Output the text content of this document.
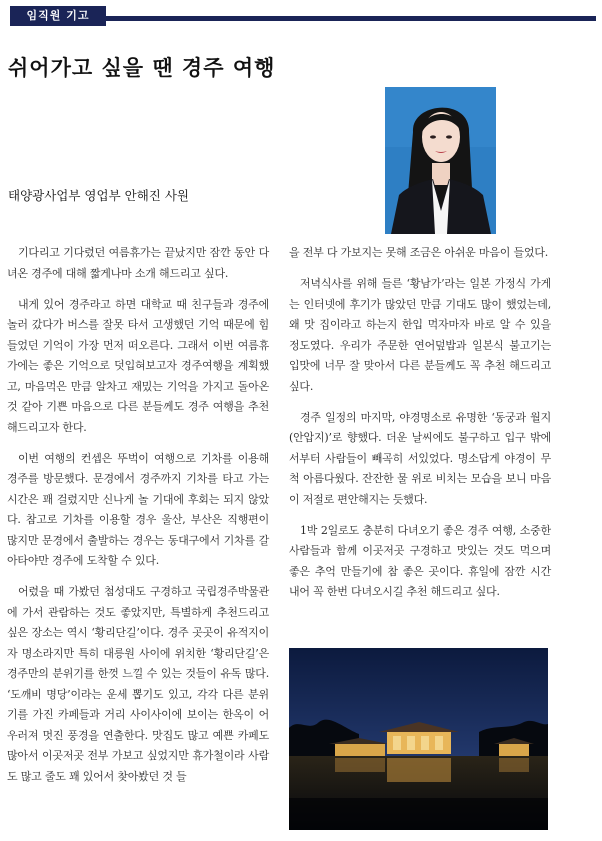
임직원 기고
쉬어가고 싶을 땐 경주 여행

태양광사업부 영업부 안해진 사원

기다리고 기다렸던 여름휴가는 끝났지만 잠깐 동안 다녀온 경주에 대해 짧게나마 소개 해드리고 싶다.

내게 있어 경주라고 하면 대학교 때 친구들과 경주에 놀러 갔다가 버스를 잘못 타서 고생했던 기억 때문에 힘들었던 기억이 가장 먼저 떠오른다. 그래서 이번 여름휴가에는 좋은 기억으로 덧입혀보고자 경주여행을 계획했고, 마음먹은 만큼 알차고 재밌는 기억을 가지고 돌아온 것 같아 기쁜 마음으로 다른 분들께도 경주 여행을 추천해드리고자 한다.

이번 여행의 컨셉은 뚜벅이 여행으로 기차를 이용해 경주를 방문했다. 문경에서 경주까지 기차를 타고 가는 시간은 꽤 걸렸지만 신나게 놀 기대에 후회는 되지 않았다. 참고로 기차를 이용할 경우 울산, 부산은 직행편이 많지만 문경에서 출발하는 경우는 동대구에서 기차를 갈아타야만 경주에 도착할 수 있다.

어렸을 때 가봤던 첨성대도 구경하고 국립경주박물관에 가서 관람하는 것도 좋았지만, 특별하게 추천드리고 싶은 장소는 역시 ‘황리단길’이다. 경주 곳곳이 유적지이자 명소라지만 특히 대릉원 사이에 위치한 ‘황리단길’은 경주만의 분위기를 한껏 느낄 수 있는 것들이 유독 많다. ‘도깨비 명당’이라는 운세 뽑기도 있고, 각각 다른 분위기를 가진 카페들과 거리 사이사이에 보이는 한옥이 어우러져 멋진 풍경을 연출한다. 맛집도 많고 예쁜 카페도 많아서 이곳저곳 전부 가보고 싶었지만 휴가철이라 사람도 많고 줄도 꽤 있어서 찾아봤던 것 들

을 전부 다 가보지는 못해 조금은 아쉬운 마음이 들었다.

저녁식사를 위해 들른 ‘황남가’라는 일본 가정식 가게는 인터넷에 후기가 많았던 만큼 기대도 많이 했었는데, 왜 맛 집이라고 하는지 한입 먹자마자 바로 알 수 있을 정도였다. 우리가 주문한 연어덮밥과 일본식 불고기는 입맛에 너무 잘 맞아서 다른 분들께도 꼭 추천 해드리고 싶다.

경주 일정의 마지막, 야경명소로 유명한 ‘동궁과 월지(안압지)’로 향했다. 더운 날씨에도 불구하고 입구 밖에서부터 사람들이 빼곡히 서있었다. 명소답게 야경이 무척 아름다웠다. 잔잔한 물 위로 비치는 모습을 보니 마음이 저절로 편안해지는 듯했다.

1박 2일로도 충분히 다녀오기 좋은 경주 여행, 소중한 사람들과 함께 이곳저곳 구경하고 맛있는 것도 먹으며 좋은 추억 만들기에 참 좋은 곳이다. 휴일에 잠깐 시간 내어 꼭 한번 다녀오시길 추천 해드리고 싶다.
